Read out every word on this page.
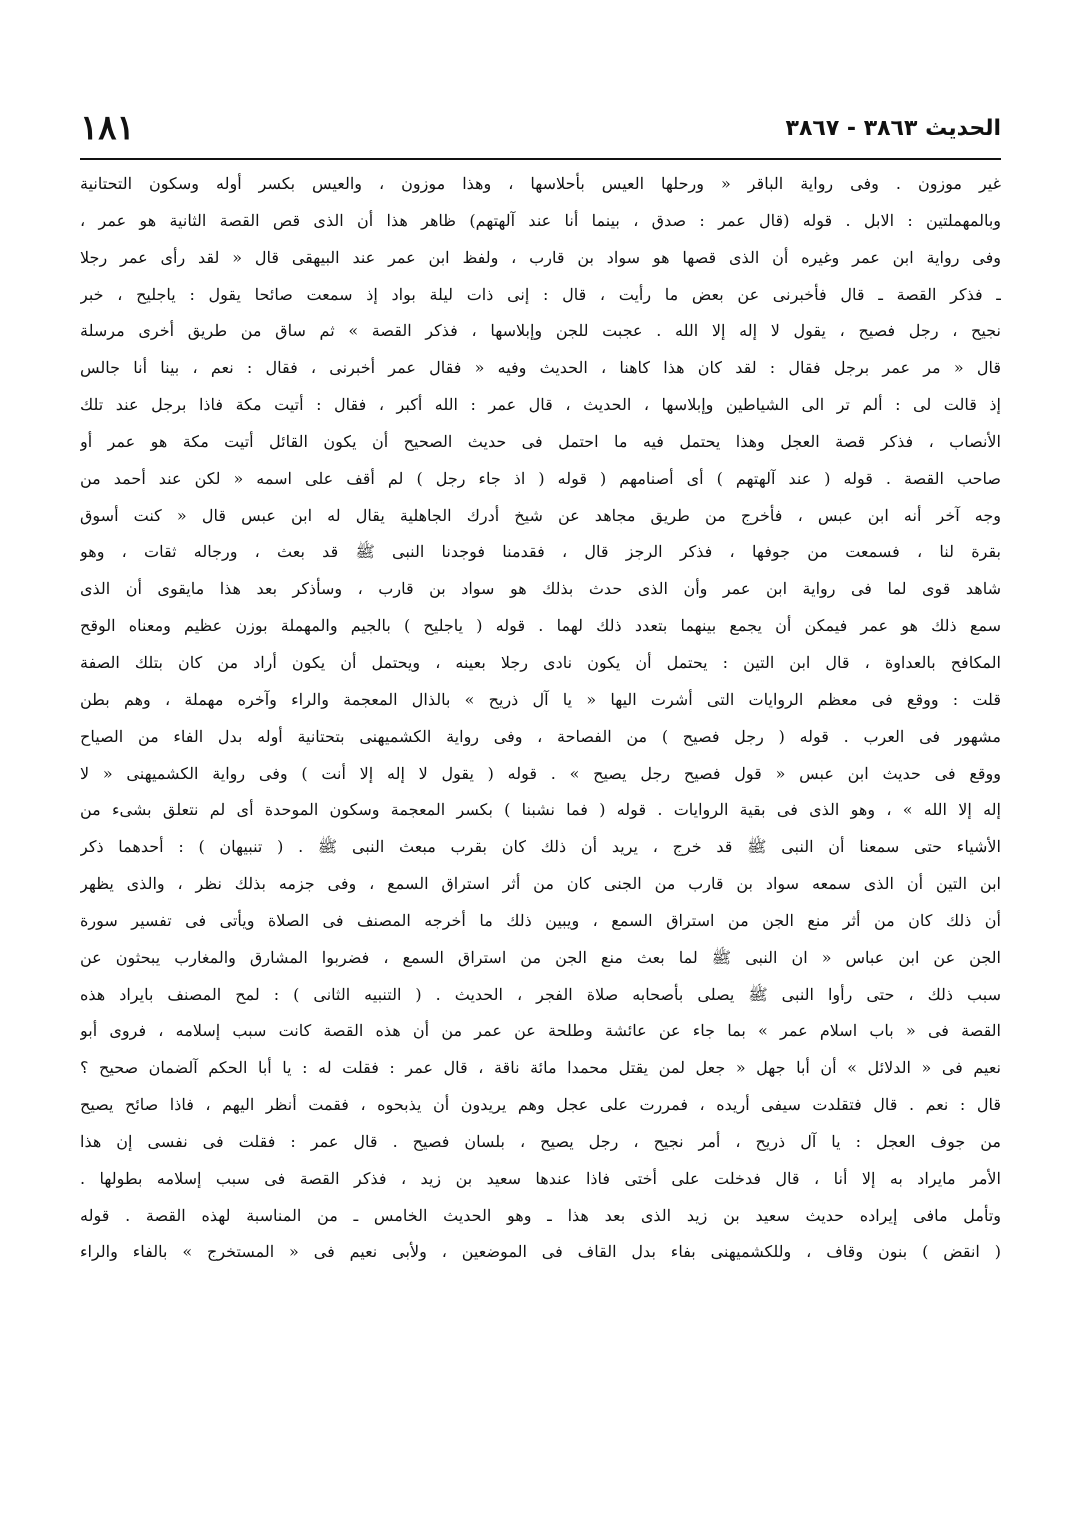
الحديث ٣٨٦٣ - ٣٨٦٧
١٨١
غير موزون . وفى رواية الباقر « ورحلها العيس بأحلاسها ، وهذا موزون ، والعيس بكسر أوله وسكون التحتانية
وبالمهملتين : الابل . قوله (قال عمر : صدق ، بينما أنا عند آلهتهم) ظاهر هذا أن الذى قص القصة الثانية هو عمر ،
وفى رواية ابن عمر وغيره أن الذى قصها هو سواد بن قارب ، ولفظ ابن عمر عند البيهقى قال « لقد رأى عمر رجلا
ـ فذكر القصة ـ قال فأخبرنى عن بعض ما رأيت ، قال : إنى ذات ليلة بواد إذ سمعت صائحا يقول : ياجليح ، خبر
نجيح ، رجل فصيح ، يقول لا إله إلا الله . عجبت للجن وإبلاسها ، فذكر القصة » ثم ساق من طريق أخرى مرسلة
قال « مر عمر برجل فقال : لقد كان هذا كاهنا ، الحديث وفيه « فقال عمر أخبرنى ، فقال : نعم ، بينا أنا جالس
إذ قالت لى : ألم تر الى الشياطين وإبلاسها ، الحديث ، قال عمر : الله أكبر ، فقال : أتيت مكة فاذا برجل عند تلك
الأنصاب ، فذكر قصة العجل وهذا يحتمل فيه ما احتمل فى حديث الصحيح أن يكون القائل أتيت مكة هو عمر أو
صاحب القصة . قوله ( عند آلهتهم ) أى أصنامهم ( قوله ( اذ جاء رجل ) لم أقف على اسمه « لكن عند أحمد من
وجه آخر أنه ابن عبس ، فأخرج من طريق مجاهد عن شيخ أدرك الجاهلية يقال له ابن عبس قال « كنت أسوق
بقرة لنا ، فسمعت من جوفها ، فذكر الرجز قال ، فقدمنا فوجدنا النبى ﷺ قد بعث ، ورجاله ثقات ، وهو
شاهد قوى لما فى رواية ابن عمر وأن الذى حدث بذلك هو سواد بن قارب ، وسأذكر بعد هذا مايقوى أن الذى
سمع ذلك هو عمر فيمكن أن يجمع بينهما بتعدد ذلك لهما . قوله ( ياجليح ) بالجيم والمهملة بوزن عظيم ومعناه الوقح
المكافح بالعداوة ، قال ابن التين : يحتمل أن يكون نادى رجلا بعينه ، ويحتمل أن يكون أراد من كان بتلك الصفة
قلت : ووقع فى معظم الروايات التى أشرت اليها « يا آل ذريح » بالذال المعجمة والراء وآخره مهملة ، وهم بطن
مشهور فى العرب . قوله ( رجل فصيح ) من الفصاحة ، وفى رواية الكشميهنى بتحتانية أوله بدل الفاء من الصياح
ووقع فى حديث ابن عبس « قول فصيح رجل يصيح » . قوله ( يقول لا إله إلا أنت ) وفى رواية الكشميهنى « لا
إله إلا الله » ، وهو الذى فى بقية الروايات . قوله ( فما نشبنا ) بكسر المعجمة وسكون الموحدة أى لم نتعلق بشىء من
الأشياء حتى سمعنا أن النبى ﷺ قد خرج ، يريد أن ذلك كان بقرب مبعث النبى ﷺ . ( تنبيهان ) : أحدهما ذكر
ابن التين أن الذى سمعه سواد بن قارب من الجنى كان من أثر استراق السمع ، وفى جزمه بذلك نظر ، والذى يظهر
أن ذلك كان من أثر منع الجن من استراق السمع ، ويبين ذلك ما أخرجه المصنف فى الصلاة ويأتى فى تفسير سورة
الجن عن ابن عباس « ان النبى ﷺ لما بعث منع الجن من استراق السمع ، فضربوا المشارق والمغارب يبحثون عن
سبب ذلك ، حتى رأوا النبى ﷺ يصلى بأصحابه صلاة الفجر ، الحديث . ( التنبيه الثانى ) : لمح المصنف بايراد هذه
القصة فى « باب اسلام عمر » بما جاء عن عائشة وطلحة عن عمر من أن هذه القصة كانت سبب إسلامه ، فروى أبو
نعيم فى « الدلائل » أن أبا جهل « جعل لمن يقتل محمدا مائة ناقة ، قال عمر : فقلت له : يا أبا الحكم آلضمان صحيح ؟
قال : نعم . قال فتقلدت سيفى أريده ، فمررت على عجل وهم يريدون أن يذبحوه ، فقمت أنظر اليهم ، فاذا صائح يصيح
من جوف العجل : يا آل ذريح ، أمر نجيح ، رجل يصيح ، بلسان فصيح . قال عمر : فقلت فى نفسى إن هذا
الأمر مايراد به إلا أنا ، قال فدخلت على أختى فاذا عندها سعيد بن زيد ، فذكر القصة فى سبب إسلامه بطولها .
وتأمل مافى إيراده حديث سعيد بن زيد الذى بعد هذا ـ وهو الحديث الخامس ـ من المناسبة لهذه القصة . قوله
( انقض ) بنون وقاف ، وللكشميهنى بفاء بدل القاف فى الموضعين ، ولأبى نعيم فى « المستخرج » بالفاء والراء
